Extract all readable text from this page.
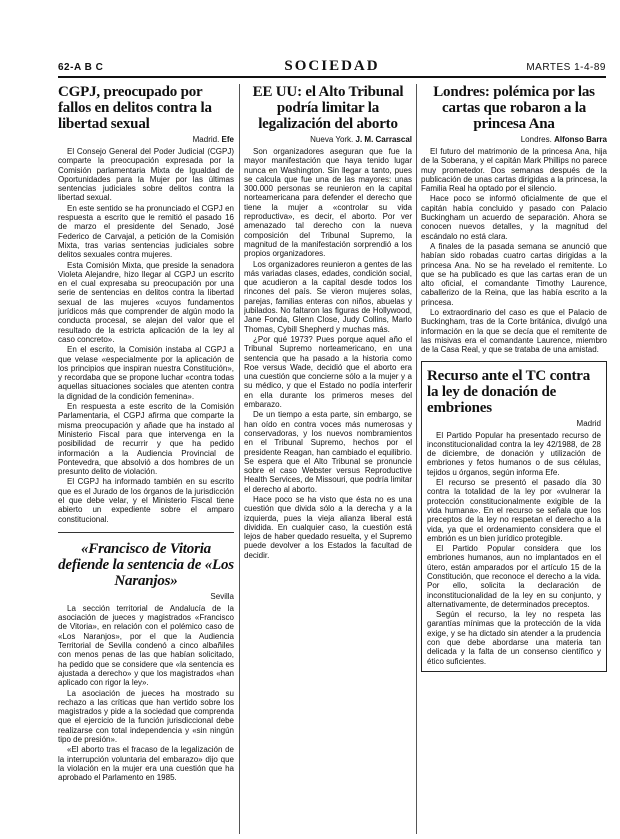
62-A B C	SOCIEDAD	MARTES 1-4-89
CGPJ, preocupado por fallos en delitos contra la libertad sexual
Madrid. Efe

El Consejo General del Poder Judicial (CGPJ) comparte la preocupación expresada por la Comisión parlamentaria Mixta de Igualdad de Oportunidades para la Mujer por las últimas sentencias judiciales sobre delitos contra la libertad sexual.

En este sentido se ha pronunciado el CGPJ en respuesta a escrito que le remitió el pasado 16 de marzo el presidente del Senado, José Federico de Carvajal, a petición de la Comisión Mixta, tras varias sentencias judiciales sobre delitos sexuales contra mujeres.

Esta Comisión Mixta, que preside la senadora Violeta Alejandre, hizo llegar al CGPJ un escrito en el cual expresaba su preocupación por una serie de sentencias en delitos contra la libertad sexual de las mujeres «cuyos fundamentos jurídicos más que comprender de algún modo la conducta procesal, se alejan del valor que el resultado de la estricta aplicación de la ley al caso concreto».

En el escrito, la Comisión instaba al CGPJ a que velase «especialmente por la aplicación de los principios que inspiran nuestra Constitución», y recordaba que se propone luchar «contra todas aquellas situaciones sociales que atenten contra la dignidad de la condición femenina».

En respuesta a este escrito de la Comisión Parlamentaria, el CGPJ afirma que comparte la misma preocupación y añade que ha instado al Ministerio Fiscal para que intervenga en la posibilidad de recurrir y que ha pedido información a la Audiencia Provincial de Pontevedra, que absolvió a dos hombres de un presunto delito de violación.

El CGPJ ha informado también en su escrito que es el Jurado de los órganos de la jurisdicción el que debe velar, y el Ministerio Fiscal tiene abierto un expediente sobre el amparo constitucional.

«Francisco de Vitoria defiende la sentencia de «Los Naranjos»
Sevilla

La sección territorial de Andalucía de la asociación de jueces y magistrados «Francisco de Vitoria», en relación con el polémico caso de «Los Naranjos», por el que la Audiencia Territorial de Sevilla condenó a cinco albañiles con menos penas de las que habían solicitado, ha pedido que se considere que «la sentencia es ajustada a derecho» y que los magistrados «han aplicado con rigor la ley».

La asociación de jueces ha mostrado su rechazo a las críticas que han vertido sobre los magistrados y pide a la sociedad que comprenda que el ejercicio de la función jurisdiccional debe realizarse con total independencia y «sin ningún tipo de presión».

«El aborto tras el fracaso de la legalización de la interrupción voluntaria del embarazo» dijo que la violación en la mujer era una cuestión que ha aprobado el Parlamento en 1985.

EE UU: el Alto Tribunal podría limitar la legalización del aborto
Nueva York. J. M. Carrascal

Son organizadores aseguran que fue la mayor manifestación que haya tenido lugar nunca en Washington. Sin llegar a tanto, pues se calcula que fue una de las mayores: unas 300.000 personas se reunieron en la capital norteamericana para defender el derecho que tiene la mujer a «controlar su vida reproductiva», es decir, el aborto. Por ver amenazado tal derecho con la nueva composición del Tribunal Supremo, la magnitud de la manifestación sorprendió a los propios organizadores.

Los organizadores reunieron a gentes de las más variadas clases, edades, condición social, que acudieron a la capital desde todos los rincones del país. Se vieron mujeres solas, parejas, familias enteras con niños, abuelas y jubilados. No faltaron las figuras de Hollywood, Jane Fonda, Glenn Close, Judy Collins, Marlo Thomas, Cybill Shepherd y muchas más.

¿Por qué 1973? Pues porque aquel año el Tribunal Supremo norteamericano, en una sentencia que ha pasado a la historia como Roe versus Wade, decidió que el aborto era una cuestión que concierne sólo a la mujer y a su médico, y que el Estado no podía interferir en ella durante los primeros meses del embarazo.

De un tiempo a esta parte, sin embargo, se han oído en contra voces más numerosas y conservadoras, y los nuevos nombramientos en el Tribunal Supremo, hechos por el presidente Reagan, han cambiado el equilibrio. Se espera que el Alto Tribunal se pronuncie sobre el caso Webster versus Reproductive Health Services, de Missouri, que podría limitar el derecho al aborto.

Hace poco se ha visto que ésta no es una cuestión que divida sólo a la derecha y a la izquierda, pues la vieja alianza liberal está dividida. En cualquier caso, la cuestión está lejos de haber quedado resuelta, y el Supremo puede devolver a los Estados la facultad de decidir.

Londres: polémica por las cartas que robaron a la princesa Ana
Londres. Alfonso Barra

El futuro del matrimonio de la princesa Ana, hija de la Soberana, y el capitán Mark Phillips no parece muy prometedor. Dos semanas después de la publicación de unas cartas dirigidas a la princesa, la Familia Real ha optado por el silencio.

Hace poco se informó oficialmente de que el capitán había concluido y pasado con Palacio Buckingham un acuerdo de separación. Ahora se conocen nuevos detalles, y la magnitud del escándalo no está clara.

A finales de la pasada semana se anunció que habían sido robadas cuatro cartas dirigidas a la princesa Ana. No se ha revelado el remitente. Lo que se ha publicado es que las cartas eran de un alto oficial, el comandante Timothy Laurence, caballerizo de la Reina, que las había escrito a la princesa.

Lo extraordinario del caso es que el Palacio de Buckingham, tras de la Corte británica, divulgó una información en la que se decía que el remitente de las misivas era el comandante Laurence, miembro de la Casa Real, y que se trataba de una amistad.

Recurso ante el TC contra la ley de donación de embriones
Madrid

El Partido Popular ha presentado recurso de inconstitucionalidad contra la ley 42/1988, de 28 de diciembre, de donación y utilización de embriones y fetos humanos o de sus células, tejidos u órganos, según informa Efe.

El recurso se presentó el pasado día 30 contra la totalidad de la ley por «vulnerar la protección constitucionalmente exigible de la vida humana». En el recurso se señala que los preceptos de la ley no respetan el derecho a la vida, ya que el ordenamiento considera que el embrión es un bien jurídico protegible.

El Partido Popular considera que los embriones humanos, aun no implantados en el útero, están amparados por el artículo 15 de la Constitución, que reconoce el derecho a la vida. Por ello, solicita la declaración de inconstitucionalidad de la ley en su conjunto, y alternativamente, de determinados preceptos.

Según el recurso, la ley no respeta las garantías mínimas que la protección de la vida exige, y se ha dictado sin atender a la prudencia con que debe abordarse una materia tan delicada y la falta de un consenso científico y ético suficientes.
